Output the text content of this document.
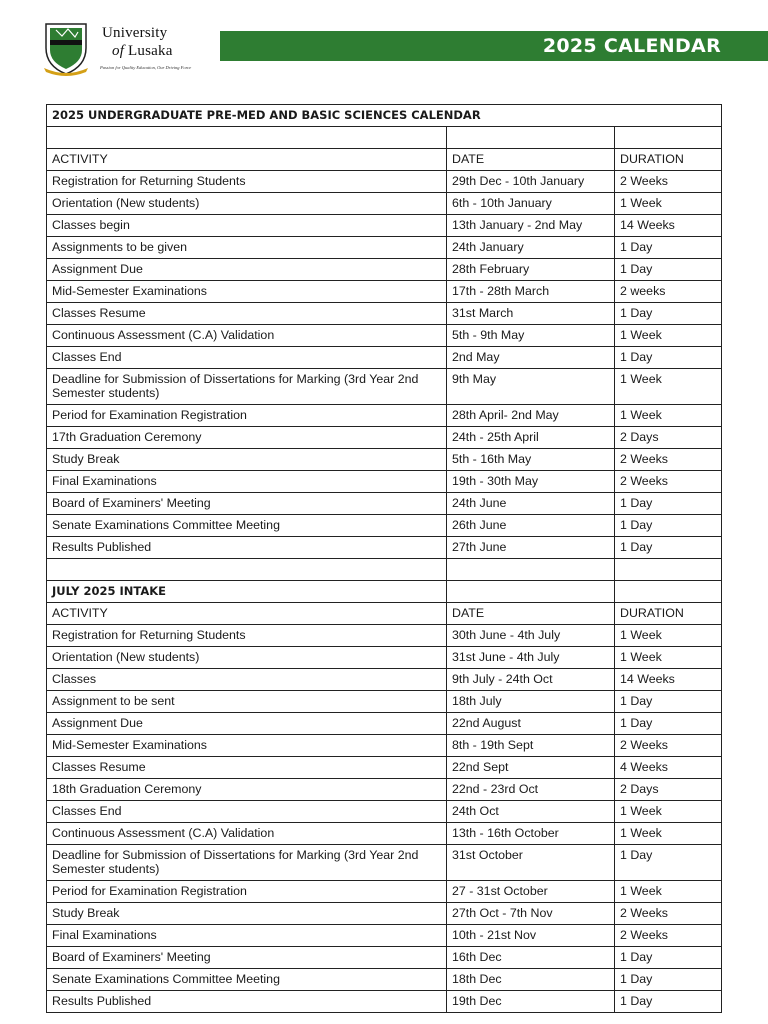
University
of Lusaka
Passion for Quality Education, Our Driving Force
2025 CALENDAR
2025 UNDERGRADUATE PRE-MED AND BASIC SCIENCES CALENDAR		

ACTIVITY	DATE	DURATION
Registration for Returning Students	29th Dec - 10th January	2 Weeks
Orientation (New students)	6th - 10th January	1 Week
Classes begin	13th January - 2nd May	14 Weeks
Assignments to be given	24th January	1 Day
Assignment Due	28th February	1 Day
Mid-Semester Examinations	17th - 28th March	2 weeks
Classes Resume	31st March	1 Day
Continuous Assessment (C.A) Validation	5th - 9th May	1 Week
Classes End	2nd May	1 Day
Deadline for Submission of Dissertations for Marking (3rd Year 2nd Semester students)	9th May	1 Week
Period for Examination Registration	28th April- 2nd May	1 Week
17th Graduation Ceremony	24th - 25th April	2 Days
Study Break	5th - 16th May	2 Weeks
Final Examinations	19th - 30th May	2 Weeks
Board of Examiners' Meeting	24th June	1 Day
Senate Examinations Committee Meeting	26th June	1 Day
Results Published	27th June	1 Day

JULY 2025 INTAKE		
ACTIVITY	DATE	DURATION
Registration for Returning Students	30th June - 4th July	1 Week
Orientation (New students)	31st June - 4th July	1 Week
Classes	9th July - 24th Oct	14 Weeks
Assignment to be sent	18th July	1 Day
Assignment Due	22nd August	1 Day
Mid-Semester Examinations	8th - 19th Sept	2 Weeks
Classes Resume	22nd Sept	4 Weeks
18th Graduation Ceremony	22nd - 23rd Oct	2 Days
Classes End	24th Oct	1 Week
Continuous Assessment (C.A) Validation	13th - 16th October	1 Week
Deadline for Submission of Dissertations for Marking (3rd Year 2nd Semester students)	31st October	1 Day
Period for Examination Registration	27 - 31st October	1 Week
Study Break	27th Oct - 7th Nov	2 Weeks
Final Examinations	10th - 21st Nov	2 Weeks
Board of Examiners' Meeting	16th Dec	1 Day
Senate Examinations Committee Meeting	18th Dec	1 Day
Results Published	19th Dec	1 Day
